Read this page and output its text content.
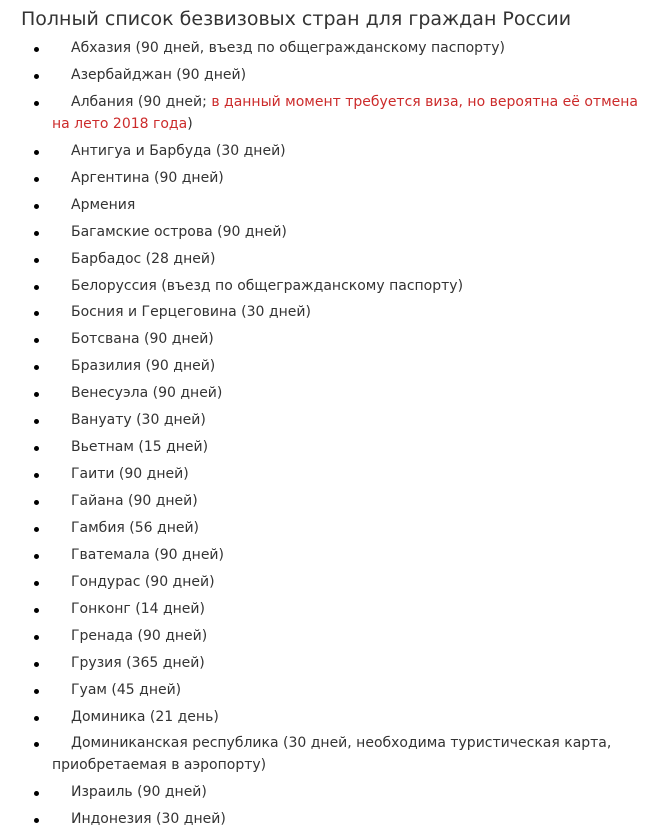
Полный список безвизовых стран для граждан России
Абхазия (90 дней, въезд по общегражданскому паспорту)
Азербайджан (90 дней)
Албания (90 дней; в данный момент требуется виза, но вероятна её отмена на лето 2018 года)
Антигуа и Барбуда (30 дней)
Аргентина (90 дней)
Армения
Багамские острова (90 дней)
Барбадос (28 дней)
Белоруссия (въезд по общегражданскому паспорту)
Босния и Герцеговина (30 дней)
Ботсвана (90 дней)
Бразилия (90 дней)
Венесуэла (90 дней)
Вануату (30 дней)
Вьетнам (15 дней)
Гаити (90 дней)
Гайана (90 дней)
Гамбия (56 дней)
Гватемала (90 дней)
Гондурас (90 дней)
Гонконг (14 дней)
Гренада (90 дней)
Грузия (365 дней)
Гуам (45 дней)
Доминика (21 день)
Доминиканская республика (30 дней, необходима туристическая карта, приобретаемая в аэропорту)
Израиль (90 дней)
Индонезия (30 дней)
